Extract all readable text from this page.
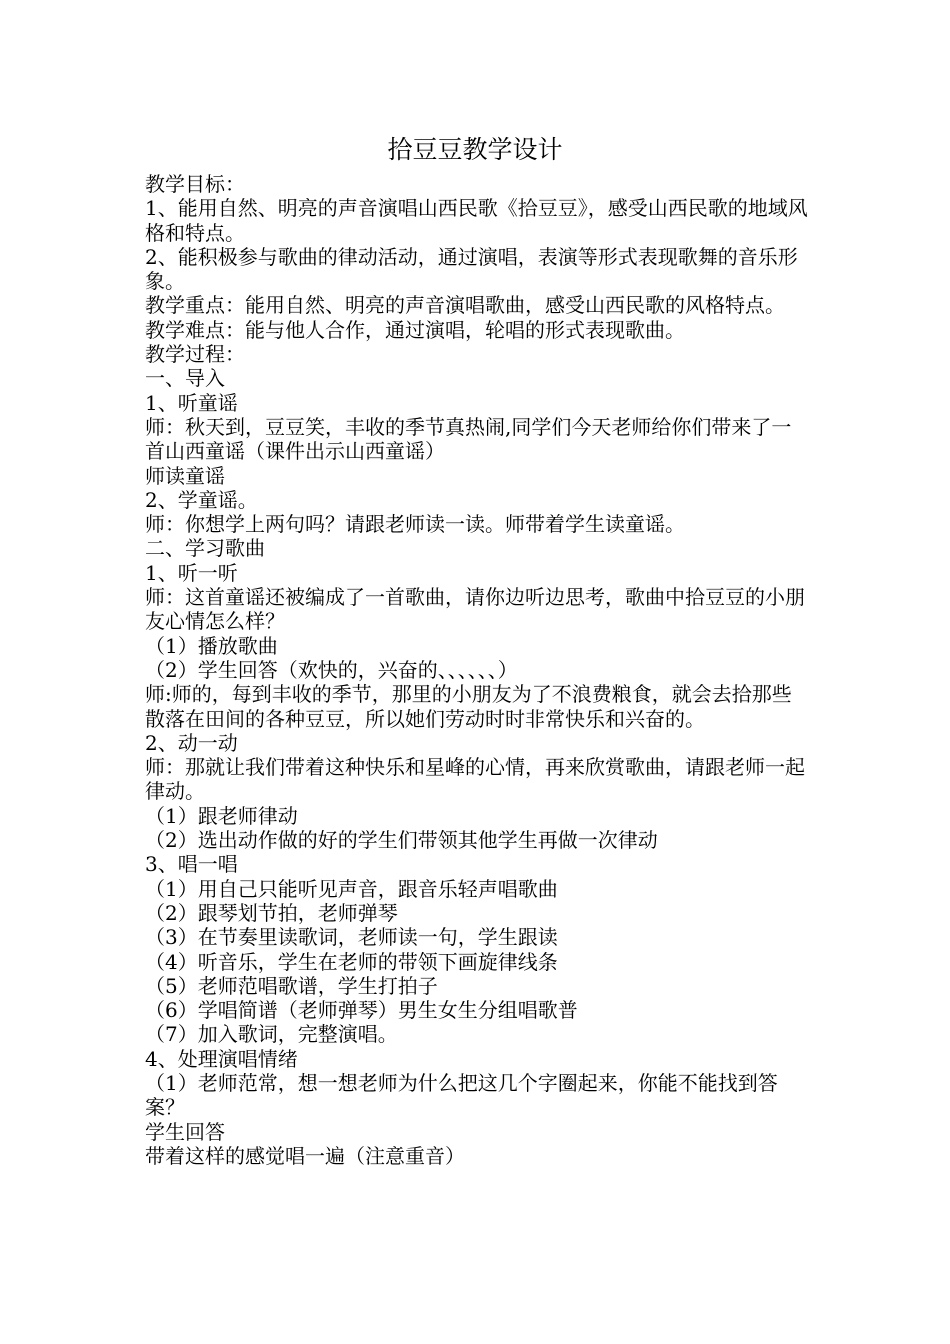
拾豆豆教学设计

教学目标：

1、能用自然、明亮的声音演唱山西民歌《拾豆豆》，感受山西民歌的地域风格和特点。

2、能积极参与歌曲的律动活动，通过演唱，表演等形式表现歌舞的音乐形象。

教学重点：能用自然、明亮的声音演唱歌曲，感受山西民歌的风格特点。

教学难点：能与他人合作，通过演唱，轮唱的形式表现歌曲。

教学过程：

一、导入

1、听童谣

师：秋天到，豆豆笑，丰收的季节真热闹,同学们今天老师给你们带来了一首山西童谣（课件出示山西童谣）

师读童谣

2、学童谣。

师：你想学上两句吗？请跟老师读一读。师带着学生读童谣。

二、学习歌曲

1、听一听

师：这首童谣还被编成了一首歌曲，请你边听边思考，歌曲中拾豆豆的小朋友心情怎么样？

（1）播放歌曲

（2）学生回答（欢快的，兴奋的、、、、、、）

师:师的，每到丰收的季节，那里的小朋友为了不浪费粮食，就会去拾那些散落在田间的各种豆豆，所以她们劳动时时非常快乐和兴奋的。

2、动一动

师：那就让我们带着这种快乐和星峰的心情，再来欣赏歌曲，请跟老师一起律动。

（1）跟老师律动

（2）选出动作做的好的学生们带领其他学生再做一次律动

3、唱一唱

（1）用自己只能听见声音，跟音乐轻声唱歌曲

（2）跟琴划节拍，老师弹琴

（3）在节奏里读歌词，老师读一句，学生跟读

（4）听音乐，学生在老师的带领下画旋律线条

（5）老师范唱歌谱，学生打拍子

（6）学唱简谱（老师弹琴）男生女生分组唱歌普

（7）加入歌词，完整演唱。

4、处理演唱情绪

（1）老师范常，想一想老师为什么把这几个字圈起来，你能不能找到答案？

学生回答

带着这样的感觉唱一遍（注意重音）
